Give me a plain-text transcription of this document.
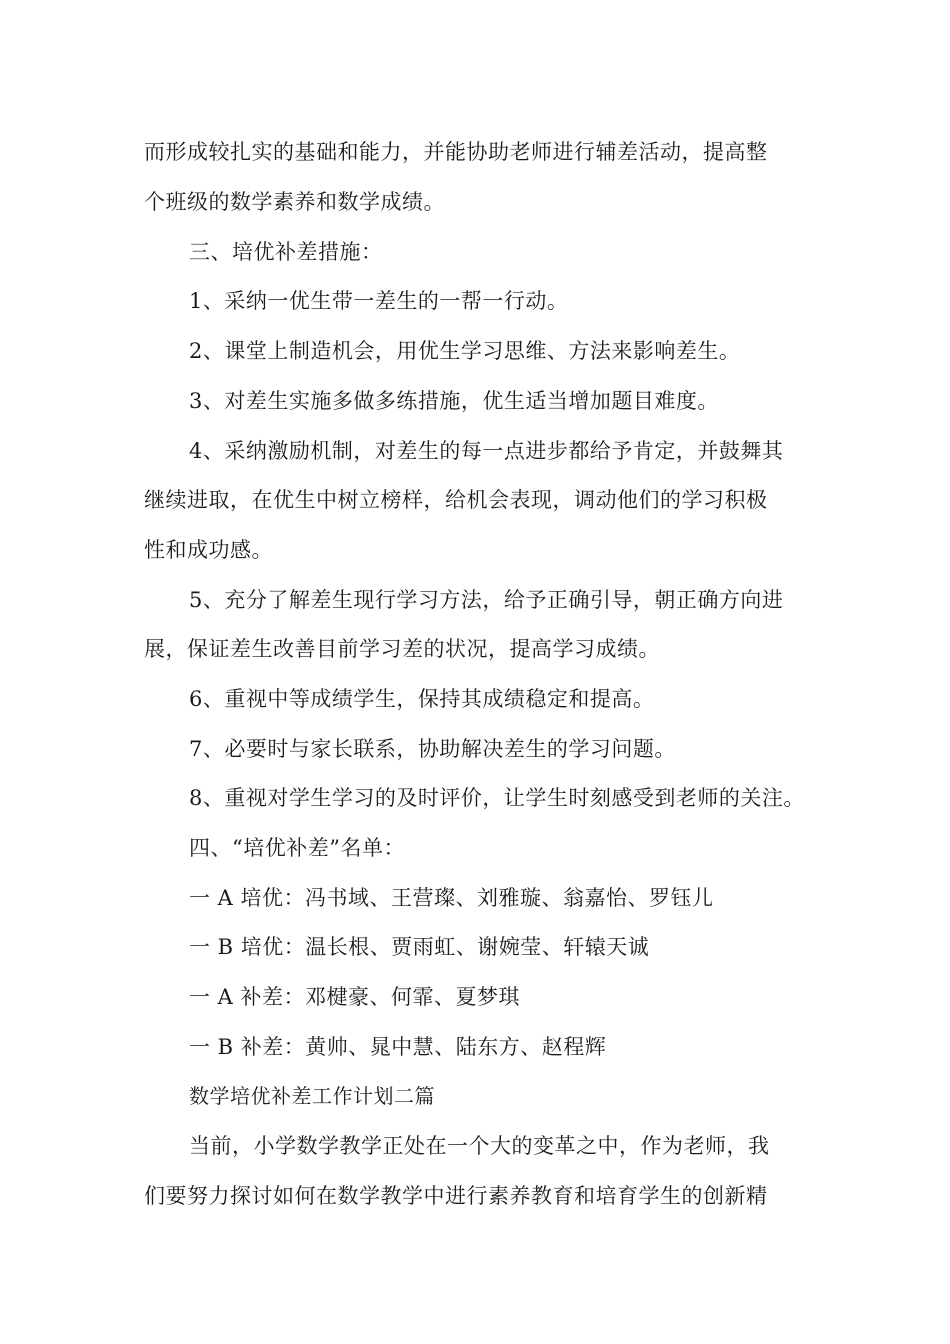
而形成较扎实的基础和能力，并能协助老师进行辅差活动，提高整
个班级的数学素养和数学成绩。
三、培优补差措施：
1、采纳一优生带一差生的一帮一行动。
2、课堂上制造机会，用优生学习思维、方法来影响差生。
3、对差生实施多做多练措施，优生适当增加题目难度。
4、采纳激励机制，对差生的每一点进步都给予肯定，并鼓舞其
继续进取，在优生中树立榜样，给机会表现，调动他们的学习积极
性和成功感。
5、充分了解差生现行学习方法，给予正确引导，朝正确方向进
展，保证差生改善目前学习差的状况，提高学习成绩。
6、重视中等成绩学生，保持其成绩稳定和提高。
7、必要时与家长联系，协助解决差生的学习问题。
8、重视对学生学习的及时评价，让学生时刻感受到老师的关注。
四、“培优补差”名单：
一 A 培优：冯书域、王营璨、刘雅璇、翁嘉怡、罗钰儿
一 B 培优：温长根、贾雨虹、谢婉莹、轩辕天诚
一 A 补差：邓楗豪、何霏、夏梦琪
一 B 补差：黄帅、晁中慧、陆东方、赵程辉
数学培优补差工作计划二篇
当前，小学数学教学正处在一个大的变革之中，作为老师，我
们要努力探讨如何在数学教学中进行素养教育和培育学生的创新精
